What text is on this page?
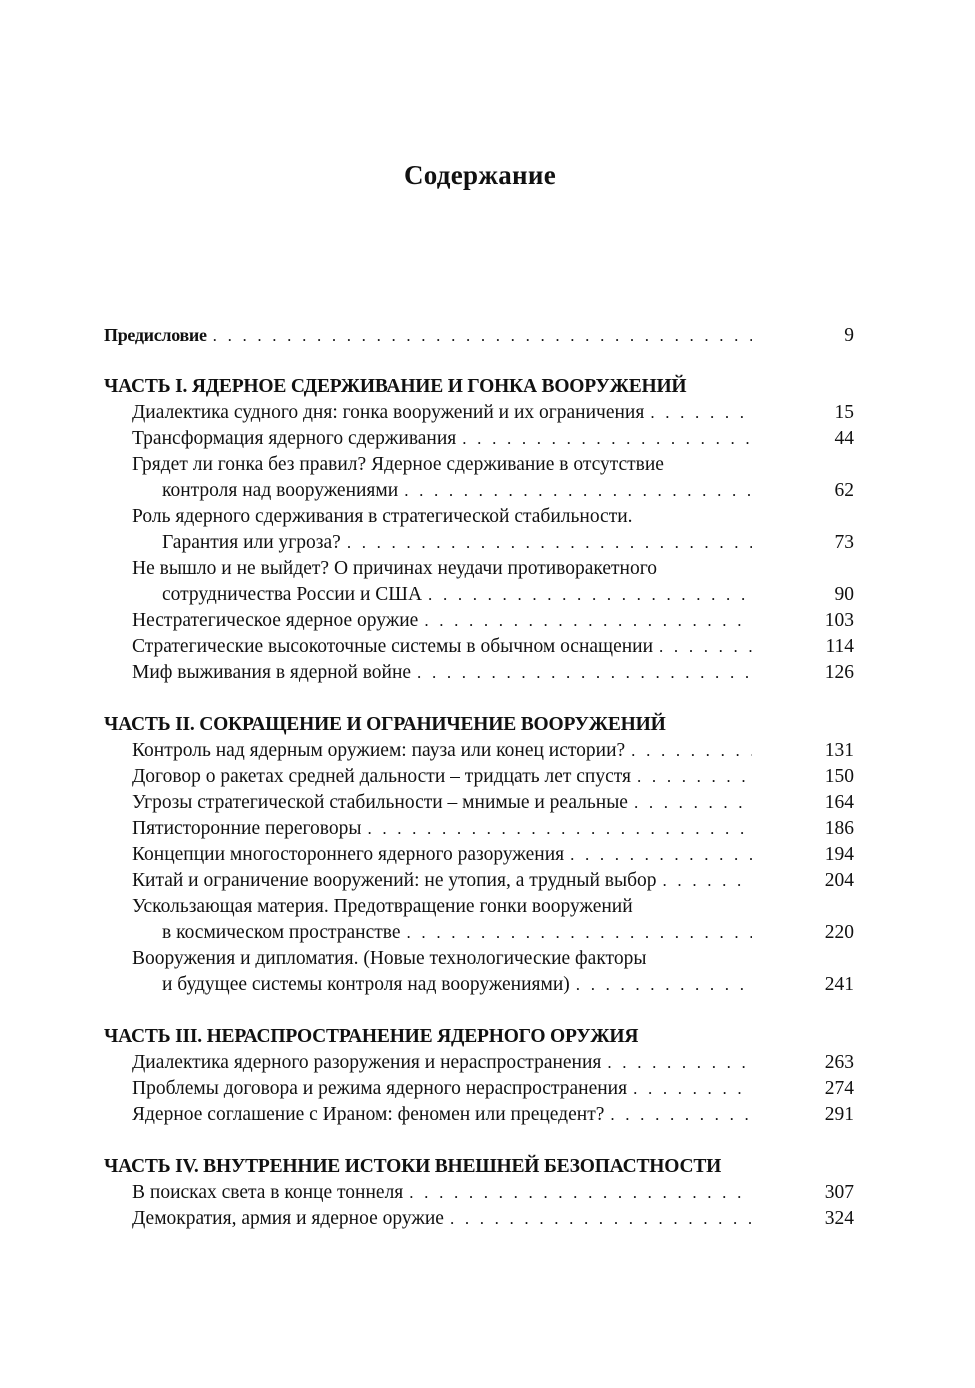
Содержание
Предисловие . . .	9
ЧАСТЬ I. ЯДЕРНОЕ СДЕРЖИВАНИЕ И ГОНКА ВООРУЖЕНИЙ
Диалектика судного дня: гонка вооружений и их ограничения . . .	15
Трансформация ядерного сдерживания . . .	44
Грядет ли гонка без правил? Ядерное сдерживание в отсутствие
контроля над вооружениями . . .	62
Роль ядерного сдерживания в стратегической стабильности.
Гарантия или угроза? . . .	73
Не вышло и не выйдет? О причинах неудачи противоракетного
сотрудничества России и США . . .	90
Нестратегическое ядерное оружие . . .	103
Стратегические высокоточные системы в обычном оснащении . . .	114
Миф выживания в ядерной войне . . .	126
ЧАСТЬ II. СОКРАЩЕНИЕ И ОГРАНИЧЕНИЕ ВООРУЖЕНИЙ
Контроль над ядерным оружием: пауза или конец истории? . . .	131
Договор о ракетах средней дальности – тридцать лет спустя . . .	150
Угрозы стратегической стабильности – мнимые и реальные . . .	164
Пятисторонние переговоры . . .	186
Концепции многостороннего ядерного разоружения . . .	194
Китай и ограничение вооружений: не утопия, а трудный выбор . . .	204
Ускользающая материя. Предотвращение гонки вооружений
в космическом пространстве . . .	220
Вооружения и дипломатия. (Новые технологические факторы
и будущее системы контроля над вооружениями) . . .	241
ЧАСТЬ III. НЕРАСПРОСТРАНЕНИЕ ЯДЕРНОГО ОРУЖИЯ
Диалектика ядерного разоружения и нераспространения . . .	263
Проблемы договора и режима ядерного нераспространения . . .	274
Ядерное соглашение с Ираном: феномен или прецедент? . . .	291
ЧАСТЬ IV. ВНУТРЕННИЕ ИСТОКИ ВНЕШНЕЙ БЕЗОПАСТНОСТИ
В поисках света в конце тоннеля . . .	307
Демократия, армия и ядерное оружие . . .	324
